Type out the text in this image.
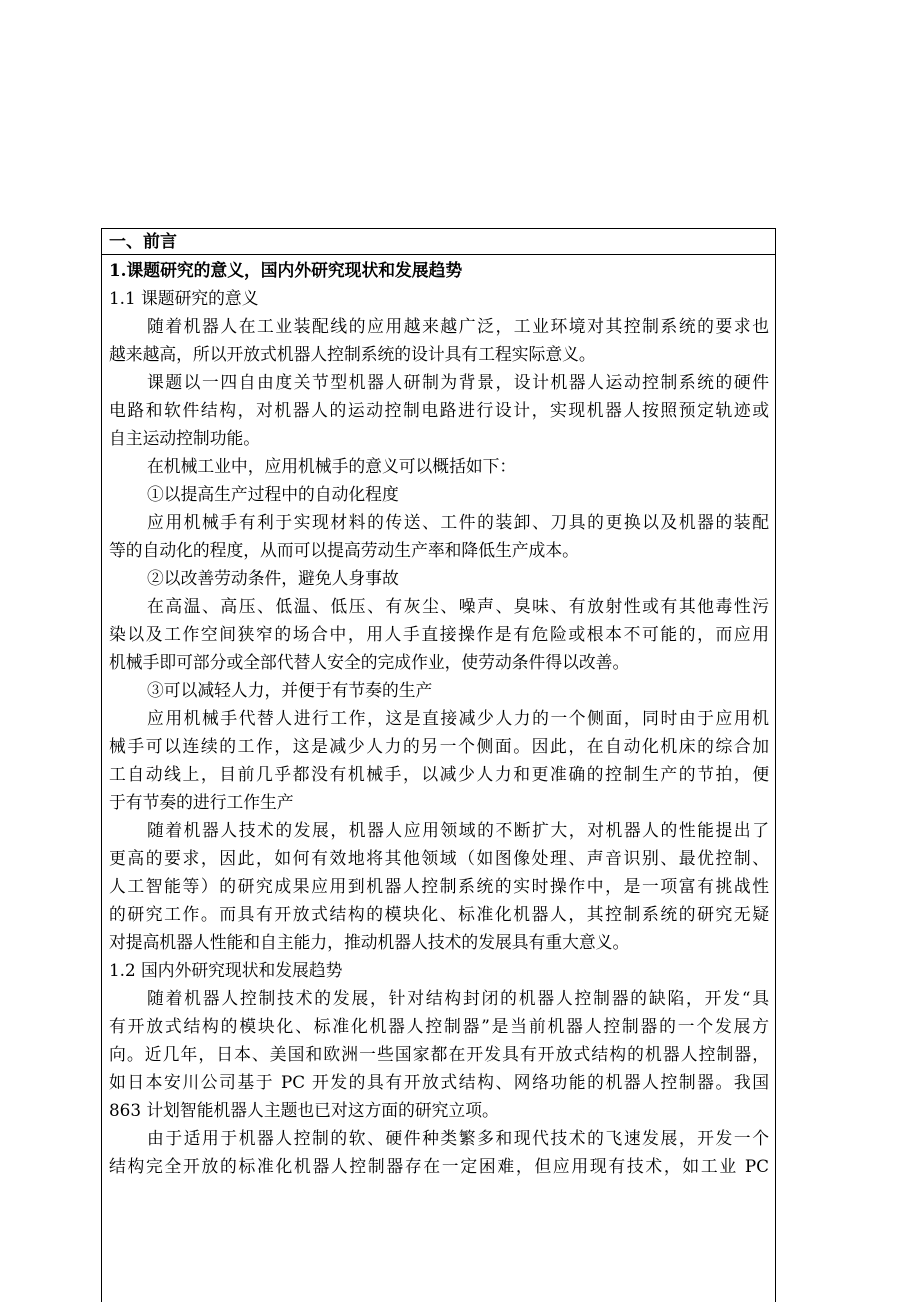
一、前言
1.课题研究的意义，国内外研究现状和发展趋势
1.1 课题研究的意义
随着机器人在工业装配线的应用越来越广泛，工业环境对其控制系统的要求也
越来越高，所以开放式机器人控制系统的设计具有工程实际意义。
课题以一四自由度关节型机器人研制为背景，设计机器人运动控制系统的硬件
电路和软件结构，对机器人的运动控制电路进行设计，实现机器人按照预定轨迹或
自主运动控制功能。
在机械工业中，应用机械手的意义可以概括如下：
①以提高生产过程中的自动化程度
应用机械手有利于实现材料的传送、工件的装卸、刀具的更换以及机器的装配
等的自动化的程度，从而可以提高劳动生产率和降低生产成本。
②以改善劳动条件，避免人身事故
在高温、高压、低温、低压、有灰尘、噪声、臭味、有放射性或有其他毒性污
染以及工作空间狭窄的场合中，用人手直接操作是有危险或根本不可能的，而应用
机械手即可部分或全部代替人安全的完成作业，使劳动条件得以改善。
③可以减轻人力，并便于有节奏的生产
应用机械手代替人进行工作，这是直接减少人力的一个侧面，同时由于应用机
械手可以连续的工作，这是减少人力的另一个侧面。因此，在自动化机床的综合加
工自动线上，目前几乎都没有机械手，以减少人力和更准确的控制生产的节拍，便
于有节奏的进行工作生产
随着机器人技术的发展，机器人应用领域的不断扩大，对机器人的性能提出了
更高的要求，因此，如何有效地将其他领域（如图像处理、声音识别、最优控制、
人工智能等）的研究成果应用到机器人控制系统的实时操作中，是一项富有挑战性
的研究工作。而具有开放式结构的模块化、标准化机器人，其控制系统的研究无疑
对提高机器人性能和自主能力，推动机器人技术的发展具有重大意义。
1.2 国内外研究现状和发展趋势
随着机器人控制技术的发展，针对结构封闭的机器人控制器的缺陷，开发“具
有开放式结构的模块化、标准化机器人控制器”是当前机器人控制器的一个发展方
向。近几年，日本、美国和欧洲一些国家都在开发具有开放式结构的机器人控制器，
如日本安川公司基于 PC 开发的具有开放式结构、网络功能的机器人控制器。我国
863 计划智能机器人主题也已对这方面的研究立项。
由于适用于机器人控制的软、硬件种类繁多和现代技术的飞速发展，开发一个
结构完全开放的标准化机器人控制器存在一定困难，但应用现有技术，如工业 PC
